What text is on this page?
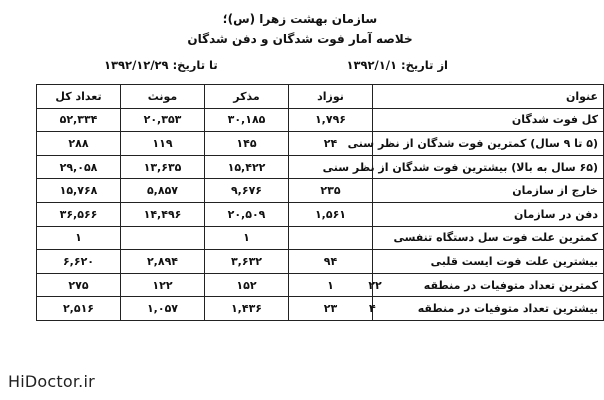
سازمان بهشت زهرا (س)؛
خلاصه آمار فوت شدگان و دفن شدگان
از تاریخ: ۱۳۹۲/۱/۱
تا تاریخ: ۱۳۹۲/۱۲/۲۹
عنوان	نوزاد	مذکر	مونث	تعداد کل
کل فوت شدگان	۱,۷۹۶	۳۰,۱۸۵	۲۰,۳۵۳	۵۲,۳۳۴
(۵ تا ۹ سال) کمترین فوت شدگان از نظر سنی	۲۴	۱۴۵	۱۱۹	۲۸۸
(۶۵ سال به بالا) بیشترین فوت شدگان از نظر سنی		۱۵,۴۲۲	۱۳,۶۳۵	۲۹,۰۵۸
خارج از سازمان	۲۳۵	۹,۶۷۶	۵,۸۵۷	۱۵,۷۶۸
دفن در سازمان	۱,۵۶۱	۲۰,۵۰۹	۱۴,۴۹۶	۳۶,۵۶۶
کمترین علت فوت سل دستگاه تنفسی		۱		۱
بیشترین علت فوت ایست قلبی	۹۴	۳,۶۳۲	۲,۸۹۴	۶,۶۲۰
کمترین تعداد متوفیات در منطقه۲۲	۱	۱۵۲	۱۲۲	۲۷۵
بیشترین تعداد متوفیات در منطقه۴	۲۳	۱,۴۳۶	۱,۰۵۷	۲,۵۱۶
HiDoctor.ir
